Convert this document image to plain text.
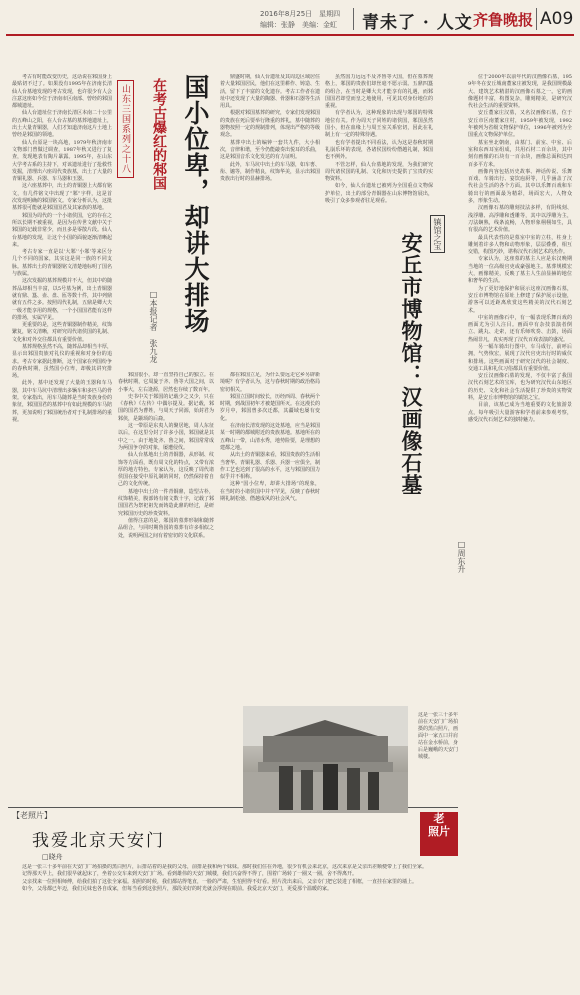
2016年8月25日　星期四
编辑：张静　美编：金虹 青未了 · 人文 齐鲁晚报 A09
山东三国系列之十八 在考古爆红的邾国 国小位卑，却讲大排场
□本报记者　张九龙

考古有时能改变历史，这话说在邾国身上最贴切不过了。如果没有1995年在济南长清仙人台墓地发现的考古发现，也许很少有人会注意这座如今位于济南市区南部、曾经的邾国都城遗址。

仙人台遗址位于济南长清区本南二十公里的五峰山之阳，在人台古墓的墓葬地遗址上，出土大量青铜器，人们才知道济南这片土地上曾经是邾国的领地。

仙人台原是一块高地，1979年秋济南市文物部门曾做过调查，1987年秋又进行了复查，发现地表有陶片暴露。1995年，在山东大学考古系的主持下，对该遗址进行了抢救性发掘，清理出六座周代贵族墓，出土了大量的青铜礼器、兵器、车马器和玉器。

这六座墓葬中，出土的青铜器上大都有铭文，有几件铭文中出现了“邾”字样，这是首次发现明确的邾国铭文。专家分析认为，这批墓葬很可能就是邾国国君及其家族的墓地。

邾国为周代的一个小诸侯国，它的存在之所以长期不被重视，是因为在传世文献中关于邾国的记载非常少，而且多是零散片段。仙人台墓地的发现，让这个小国的面貌逐渐清晰起来。

考古专家一直是以‘大邾’‘小邾’等来区分几个不同的国家，其实这是同一族的不同支脉。墓葬出土的青铜器铭文清楚地标明了国名与族属。

这次发掘的墓葬规模并不大，但其中的随葬品却相当丰富，以5号墓为例，出土青铜器就有鼎、簋、壶、盘、匜等数十件，其中列鼎就有五件之多。按照周代礼制，五鼎是卿大夫一级才能享用的规格，一个小国国君能有这样的排场，实属罕见。

更重要的是，这些青铜器制作精美，纹饰繁复，铭文清晰，对研究周代诸侯国的礼制、文化和对外交往都具有重要价值。

墓葬规格虽然不高，随葬品却相当丰厚，显示出邾国贵族对礼仪的重视和对身份的追求。考古专家据此推断，这个国家在列国纷争的春秋时期，虽然国小位卑，却极其讲究排场。

此外，墓中还发现了大量的玉器和车马器，其中车马坑中清理出多辆车和多匹马的骨架。专家指出，用车马随葬是当时贵族身份的象征，邾国国君的墓葬中有如此规模的车马陪葬，更加说明了邾国统治者对于礼制排场的重视。

邾国很小，却一直坚持自己的独立。在春秋时期，它周旋于齐、鲁等大国之间，以小事大，左右逢源，居然也存续了数百年。

史书中关于邾国的记载少之又少，只在《春秋》《左传》中偶尔提及。据记载，邾国的国君为曹姓，与周天子同源，始封君为邾侠，是颛顼的后裔。

这一带原是东夷人的聚居地，周人东征以后，在这里分封了许多小国，邾国就是其中之一。由于地处齐、鲁之间，邾国常常成为两国争夺的对象，屡遭侵伐。

仙人台墓地出土的青铜器，从形制、纹饰等方面看，既有周文化的特点，又带有浓厚的地方特色。专家认为，这反映了周代诸侯国在接受中原礼制的同时，仍然保持着自己的文化传统。

墓地中出土的一件青铜鼎，造型古朴，纹饰精美，腹部铸有铭文数十字，记载了邾国国君为祭祀祖先而铸造此鼎的经过，是研究邾国历史的珍贵资料。

值得注意的是，邾国的墓葬形制和随葬品组合，与同时期鲁国的墓葬有许多相似之处，说明两国之间有着密切的文化联系。

都在邾国立足，为什么要远走它乡另辟新境呢？有学者认为，这与春秋时期的政治格局密切相关。

邾国立国时间较长，历经西周、春秋两个时期，到战国初年才被楚国所灭。在这漫长的岁月中，邾国曾多次迁都，其疆域也屡有变化。

在济南长清发现的这处墓地，应当是邾国某一时期的都城附近的贵族墓地。墓地所在的五峰山一带，山清水秀，地势险要，是理想的建都之地。

从出土的青铜器来看，邾国贵族的生活相当奢华。青铜礼器、乐器、兵器一应俱全，制作工艺也达到了很高的水平，这与邾国的国力似乎并不相称。

这种“国小位卑，却讲大排场”的现象，在当时的小诸侯国中并不罕见，反映了春秋时期礼制松弛、僭越成风的社会风气。

鼎盛时期，仙人台遗址及其周边区域居住着大量邾国居民，他们在这里耕作、铸造、生活，留下了丰富的文化遗存。考古工作者在遗址中还发现了大量的陶器、骨器和石器等生活用具。

根据对邾国墓葬的研究，专家们发现邾国的贵族在死后要举行隆重的葬礼，墓中随葬的器物按照一定的规制排列，体现出严格的等级观念。

墓葬中出土的编钟一套共九件，大小相次，音律和谐，至今仍能敲奏出悦耳的乐曲，这是邾国音乐文化发达的有力证明。

此外，车马坑中出土的车马器，如车軎、衔、镳等，制作精良，纹饰华美，显示出邾国贵族出行时的显赫排场。

虽然国力远远不及齐鲁等大国，但在墓葬规格上，邾国的贵族们却丝毫不愿示弱。五鼎四簋的组合，在当时是卿大夫才能享有的礼遇，而邾国国君却堂而皇之地使用，可见其对身份地位的重视。

有学者认为，这种现象的出现与邾国的特殊地位有关。作为周天子同姓的诸侯国，邾国虽然国小，但在血缘上与周王室关系密切，因此在礼制上有一定的特殊待遇。

也有学者提出不同看法，认为这是春秋时期礼崩乐坏的表现，各诸侯国纷纷僭越礼制，邾国也不例外。

不管怎样，仙人台墓地的发现，为我们研究周代诸侯国的礼制、文化和历史提供了宝贵的实物资料。

如今，仙人台遗址已被列为全国重点文物保护单位，出土的部分青铜器在山东博物馆展出，吸引了众多参观者驻足观看。

镇馆之宝
安丘市博物馆：汉画像石墓
□周东升

位于2000年以前年代的汉画像石墓，1959年冬在安丘城南董家庄被发现，是我国规模最大、建筑艺术精湛的汉画像石墓之一。它的画像题材丰富，构图复杂，雕刻精美，是研究汉代社会生活的重要资料。

安丘董家庄汉墓，又名汉画像石墓，位于安丘市区南董家庄村，1959年被发现，1992年被列为省级文物保护单位，1996年被列为全国重点文物保护单位。

墓室坐北朝南，由墓门、前室、中室、后室和东西耳室组成，共用石材二百余块，其中刻有画像的石块有一百余块，画像总面积达四百多平方米。

画像内容包括历史故事、神话传说、乐舞百戏、车骑出行、宴饮庖厨等，几乎涵盖了汉代社会生活的各个方面。其中以乐舞百戏和车骑出行的画面最为精彩，场面宏大，人物众多，形象生动。

汉画像石墓的雕刻技法多样，有阴线刻、浅浮雕、高浮雕和透雕等，其中以浮雕为主，刀法娴熟，线条流畅，人物形象栩栩如生，具有很高的艺术价值。

最具代表性的是墓室中室的立柱，柱身上雕刻着许多人物和动物形象，层层叠叠，相互交错，构图巧妙，堪称汉代石刻艺术的杰作。

专家认为，这座墓的墓主人应是东汉晚期当地的一位高级官吏或豪强地主。墓葬规模宏大，画像精美，反映了墓主人生前显赫的地位和奢华的生活。

为了更好地保护和展示这座汉画像石墓，安丘市博物馆在原址上修建了保护展示设施，游客可以近距离欣赏这些精美的汉代石刻艺术。

中室的画像石中，有一幅表现乐舞百戏的画面尤为引人注目。画面中有杂技表演者倒立、跳丸、走索，还有乐师吹奏、击鼓，场面热闹非凡，真实再现了汉代百戏表演的盛况。

另一幅车骑出行图中，车马成行，前呼后拥，气势恢宏，展现了汉代官吏出行时的威仪和排场。这些画面对于研究汉代的社会制度、交通工具和礼仪习俗都具有重要价值。

安丘汉画像石墓的发现，不仅丰富了我国汉代石刻艺术的宝库，也为研究汉代山东地区的历史、文化和社会生活提供了珍贵的实物资料，是安丘市博物馆的镇馆之宝。

目前，该墓已成为当地重要的文化旅游景点，每年吸引大量游客和学者前来参观考察，感受汉代石刻艺术的独特魅力。

【老照片】
我爱北京天安门
□晓舟
这是一张三十多年前在天安门广场拍摄的黑白照片，画面中一家五口并肩站在金水桥前，身后是巍峨的天安门城楼。
老
照片

这是一张三十多年前在天安门广场拍摄的黑白照片，后排站着的是我的父母，前排是我和两个妹妹。那时我们住在外地，很少有机会来北京，这次来京是父亲出差顺便带上了我们全家。

记得那天早上，我们很早就起床了，坐着公交车来到天安门广场。看到雄伟的天安门城楼，我们兴奋得不得了，围着广场转了一圈又一圈，舍不得离开。

父亲找来一位照相师傅，给我们拍了这张全家福。拍照的时候，我们都站得笔直，一脸的严肃，生怕照得不好看。照片洗出来后，父亲专门把它装进了相框，一直挂在家里的墙上。

如今，父母都已年迈，我们兄妹也各自成家，但每当看到这张照片，那段美好的时光就会浮现在眼前。我爱北京天安门，更爱那个温暖的家。
